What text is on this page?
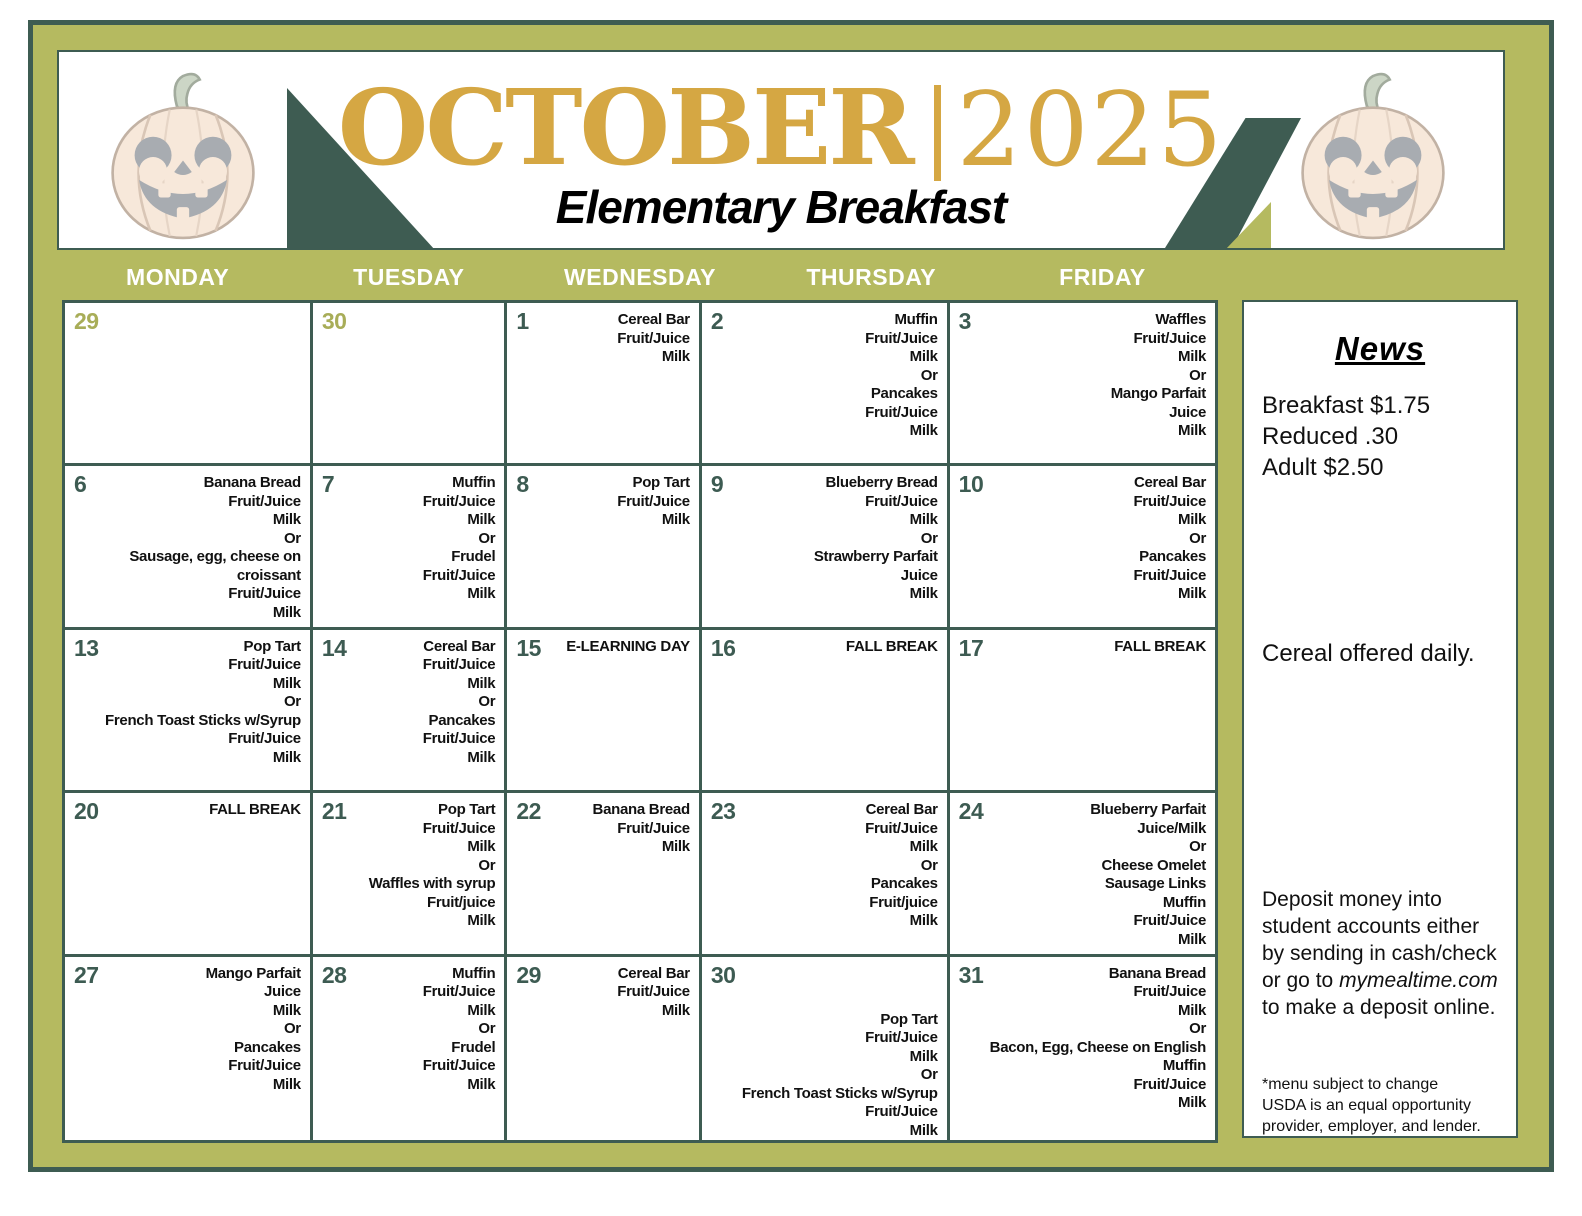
OCTOBER 2025
Elementary Breakfast
MONDAY	TUESDAY	WEDNESDAY	THURSDAY	FRIDAY
29	30	1	Cereal Bar
Fruit/Juice
Milk
2	Muffin
Fruit/Juice
Milk
Or
Pancakes
Fruit/Juice
Milk
3	Waffles
Fruit/Juice
Milk
Or
Mango Parfait
Juice
Milk
6	Banana Bread
Fruit/Juice
Milk
Or
Sausage, egg, cheese on
croissant
Fruit/Juice
Milk
7	Muffin
Fruit/Juice
Milk
Or
Frudel
Fruit/Juice
Milk
8	Pop Tart
Fruit/Juice
Milk
9	Blueberry Bread
Fruit/Juice
Milk
Or
Strawberry Parfait
Juice
Milk
10	Cereal Bar
Fruit/Juice
Milk
Or
Pancakes
Fruit/Juice
Milk
13	Pop Tart
Fruit/Juice
Milk
Or
French Toast Sticks w/Syrup
Fruit/Juice
Milk
14	Cereal Bar
Fruit/Juice
Milk
Or
Pancakes
Fruit/Juice
Milk
15	E-LEARNING DAY 16	FALL BREAK 17	FALL BREAK
20	FALL BREAK 21	Pop Tart
Fruit/Juice
Milk
Or
Waffles with syrup
Fruit/juice
Milk
22	Banana Bread
Fruit/Juice
Milk
23	Cereal Bar
Fruit/Juice
Milk
Or
Pancakes
Fruit/juice
Milk
24	Blueberry Parfait
Juice/Milk
Or
Cheese Omelet
Sausage Links
Muffin
Fruit/Juice
Milk
27	Mango Parfait
Juice
Milk
Or
Pancakes
Fruit/Juice
Milk
28	Muffin
Fruit/Juice
Milk
Or
Frudel
Fruit/Juice
Milk
29	Cereal Bar
Fruit/Juice
Milk
30
Pop Tart
Fruit/Juice
Milk
Or
French Toast Sticks w/Syrup
Fruit/Juice
Milk
31	Banana Bread
Fruit/Juice
Milk
Or
Bacon, Egg, Cheese on English
Muffin
Fruit/Juice
Milk
News
Breakfast $1.75
Reduced .30
Adult $2.50
Cereal offered daily.
Deposit money into student accounts either by sending in cash/check or go to mymealtime.com to make a deposit online.
*menu subject to change
USDA is an equal opportunity provider, employer, and lender.
